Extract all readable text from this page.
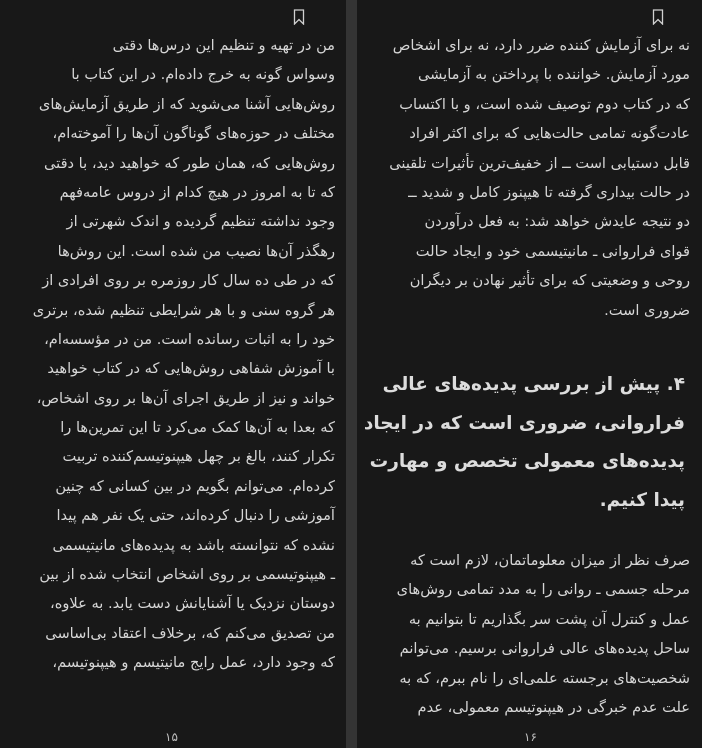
من در تهیه و تنظیم این درس‌ها دقتی
وسواس گونه به خرج داده‌ام. در این کتاب با
روش‌هایی آشنا می‌شوید که از طریق آزمایش‌های
مختلف در حوزه‌های گوناگون آن‌ها را آموخته‌ام،
روش‌هایی که، همان طور که خواهید دید، با دقتی
که تا به امروز در هیچ کدام از دروس عامه‌فهم
وجود نداشته تنظیم گردیده و اندک شهرتی از
رهگذر آن‌ها نصیب من شده است. این روش‌ها
که در طی ده سال کار روزمره بر روی افرادی از
هر گروه سنی و با هر شرایطی تنظیم شده، برتری
خود را به اثبات رسانده است. من در مؤسسه‌ام،
با آموزش شفاهی روش‌هایی که در کتاب خواهید
خواند و نیز از طریق اجرای آن‌ها بر روی اشخاص،
که بعدا به آن‌ها کمک می‌کرد تا این تمرین‌ها را
تکرار کنند، بالغ بر چهل هیپنوتیسم‌کننده تربیت
کرده‌ام. می‌توانم بگویم در بین کسانی که چنین
آموزشی را دنبال کرده‌اند، حتی یک نفر هم پیدا
نشده که نتوانسته باشد به پدیده‌های مانیتیسمی
ـ هیپنوتیسمی بر روی اشخاص انتخاب شده از بین
دوستان نزدیک یا آشنایانش دست یابد. به علاوه،
من تصدیق می‌کنم که، برخلاف اعتقاد بی‌اساسی
که وجود دارد، عمل رایج مانیتیسم و هیپنوتیسم،
۱۵
نه برای آزمایش کننده ضرر دارد، نه برای اشخاص
مورد آزمایش. خواننده با پرداختن به آزمایشی
که در کتاب دوم توصیف شده است، و با اکتساب
عادت‌گونه تمامی حالت‌هایی که برای اکثر افراد
قابل دستیابی است ــ از خفیف‌ترین تأثیرات تلقینی
در حالت بیداری گرفته تا هیپنوز کامل و شدید ــ
دو نتیجه عایدش خواهد شد: به فعل درآوردن
قوای فراروانی ـ مانیتیسمی خود و ایجاد حالت
روحی و وضعیتی که برای تأثیر نهادن بر دیگران
ضروری است.
۴. پیش از بررسی پدیده‌های عالی
فراروانی، ضروری است که در ایجاد
پدیده‌های معمولی تخصص و مهارت
پیدا کنیم.
صرف نظر از میزان معلوماتمان، لازم است که
مرحله جسمی ـ روانی را به مدد تمامی روش‌های
عمل و کنترل آن پشت سر بگذاریم تا بتوانیم به
ساحل پدیده‌های عالی فراروانی برسیم. می‌توانم
شخصیت‌های برجسته علمی‌ای را نام ببرم، که به
علت عدم خبرگی در هیپنوتیسم معمولی، عدم
۱۶
